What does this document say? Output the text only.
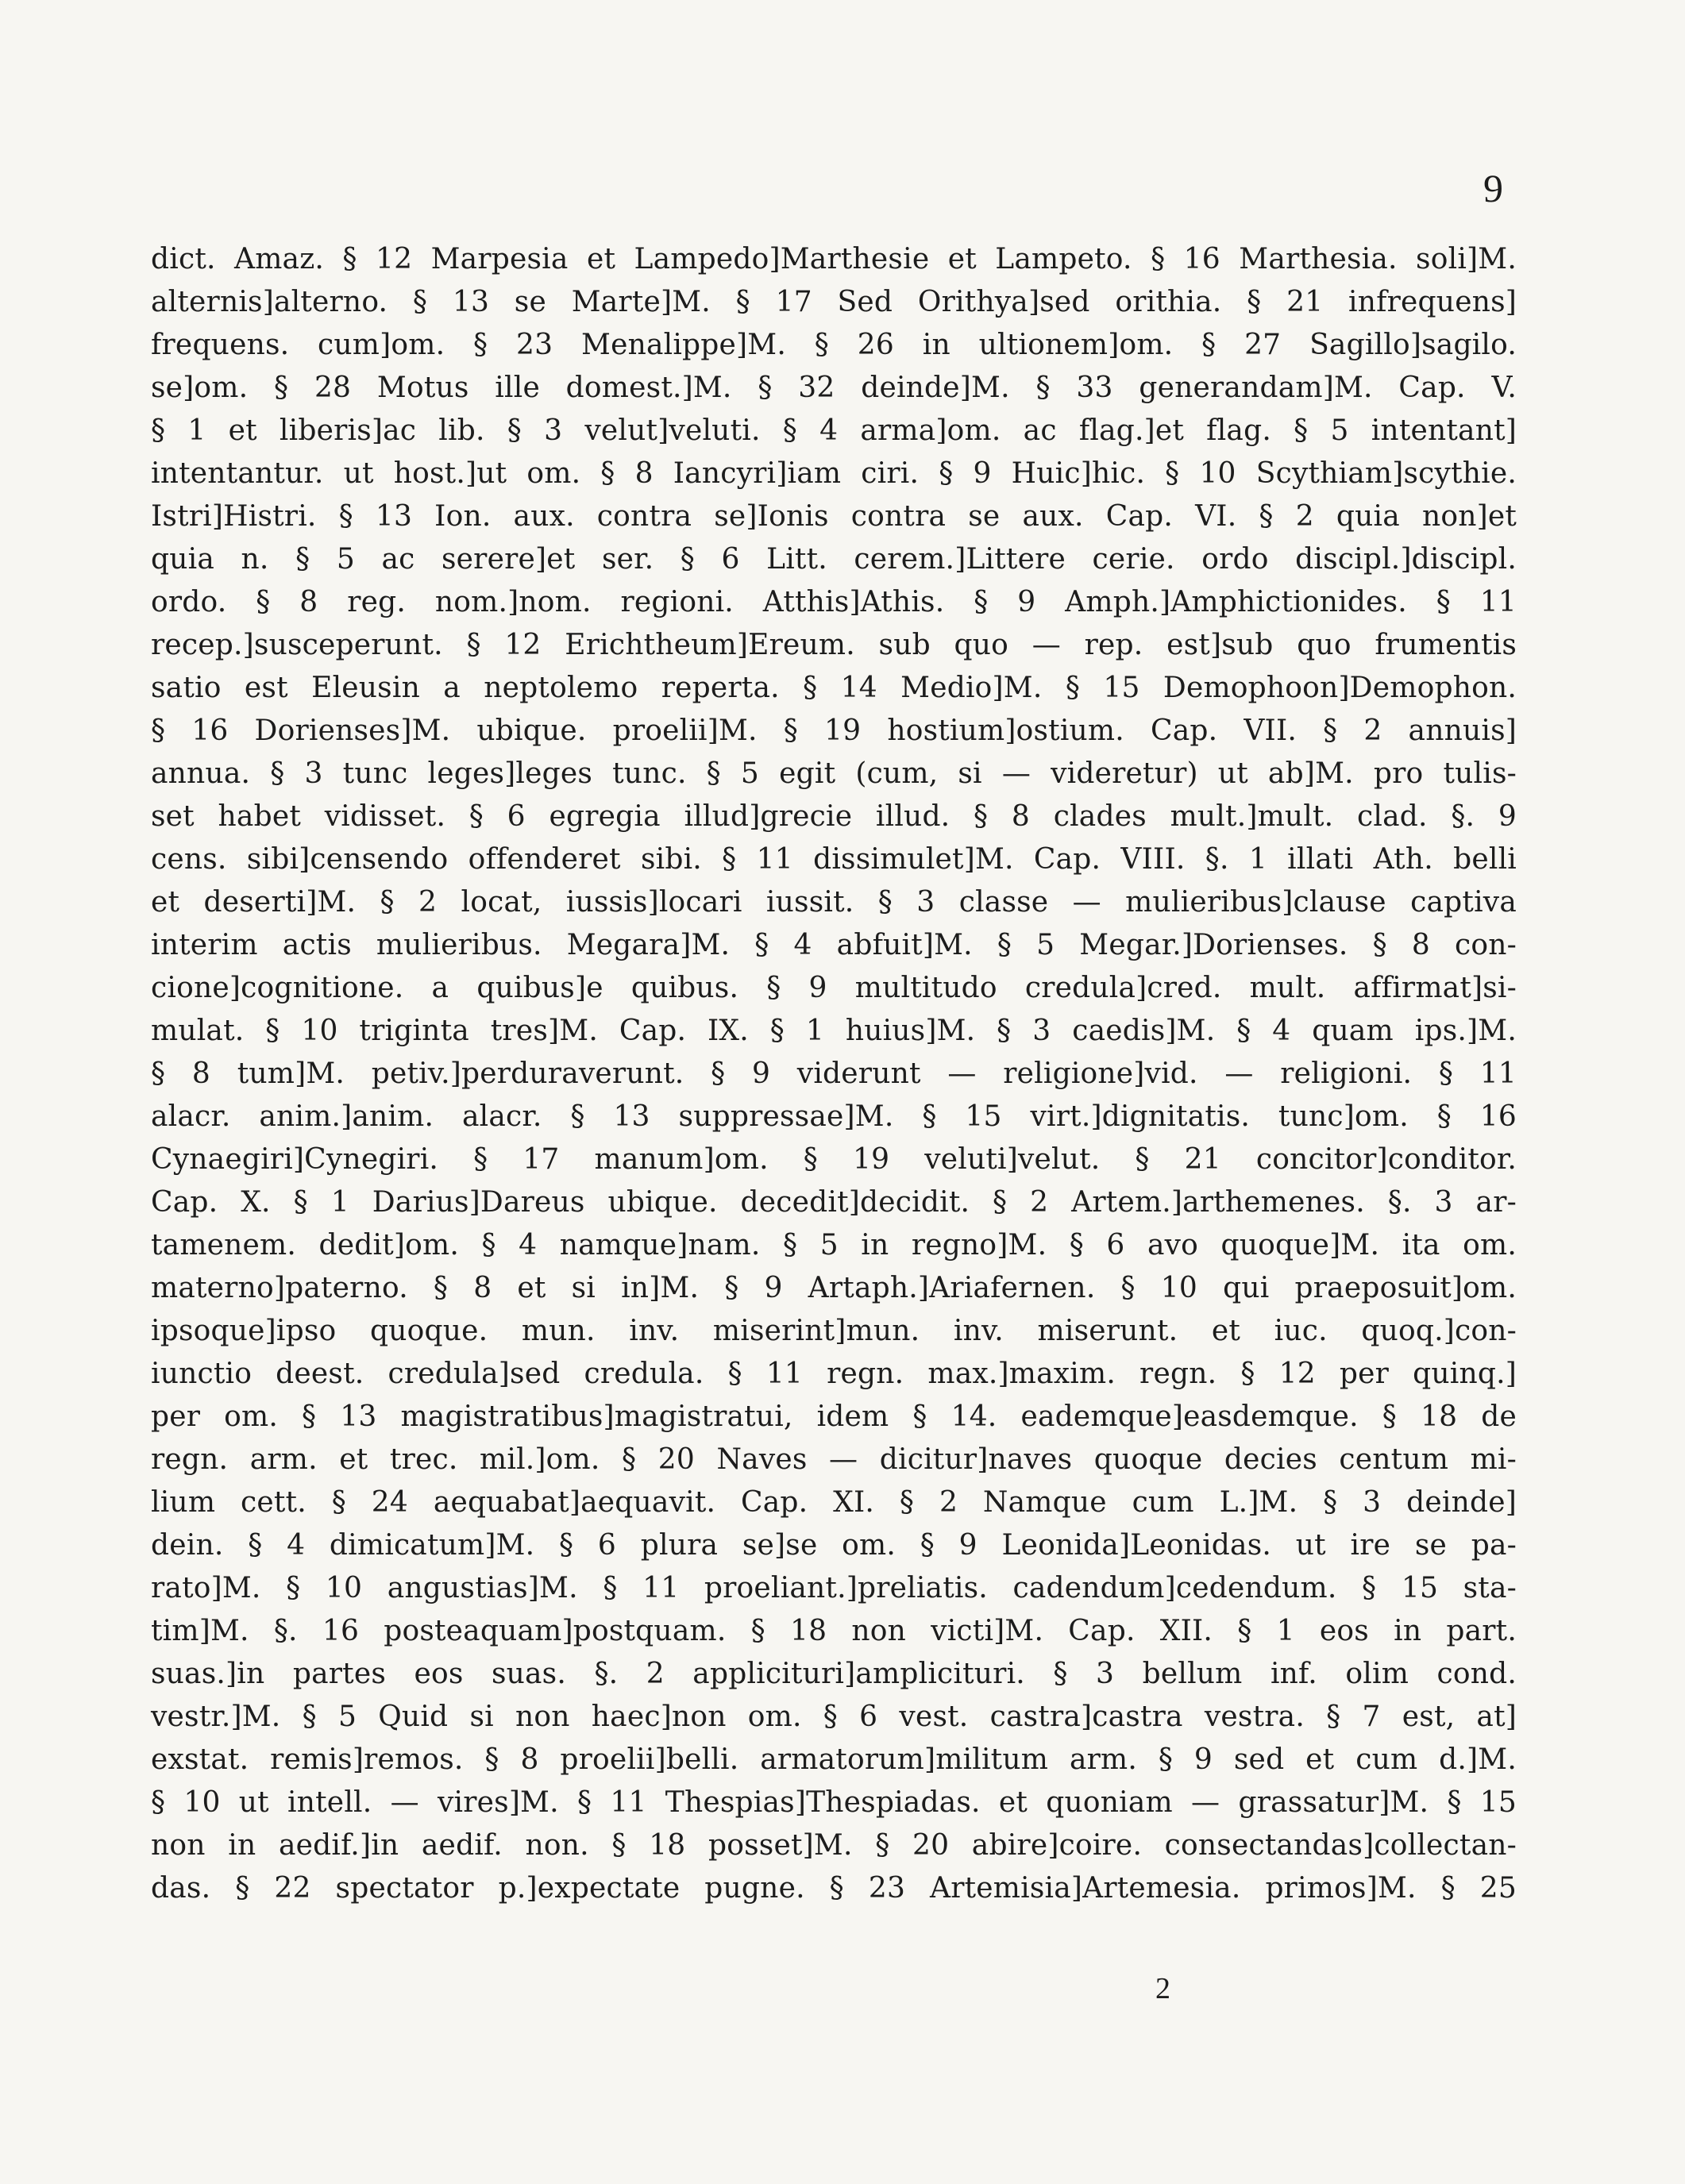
9
dict. Amaz. § 12 Marpesia et Lampedo]Marthesie et Lampeto. § 16 Marthesia. soli]M.
alternis]alterno. § 13 se Marte]M. § 17 Sed Orithya]sed orithia. § 21 infrequens]
frequens. cum]om. § 23 Menalippe]M. § 26 in ultionem]om. § 27 Sagillo]sagilo.
se]om. § 28 Motus ille domest.]M. § 32 deinde]M. § 33 generandam]M. Cap. V.
§ 1 et liberis]ac lib. § 3 velut]veluti. § 4 arma]om. ac flag.]et flag. § 5 intentant]
intentantur. ut host.]ut om. § 8 Iancyri]iam ciri. § 9 Huic]hic. § 10 Scythiam]scythie.
Istri]Histri. § 13 Ion. aux. contra se]Ionis contra se aux. Cap. VI. § 2 quia non]et
quia n. § 5 ac serere]et ser. § 6 Litt. cerem.]Littere cerie. ordo discipl.]discipl.
ordo. § 8 reg. nom.]nom. regioni. Atthis]Athis. § 9 Amph.]Amphictionides. § 11
recep.]susceperunt. § 12 Erichtheum]Ereum. sub quo — rep. est]sub quo frumentis
satio est Eleusin a neptolemo reperta. § 14 Medio]M. § 15 Demophoon]Demophon.
§ 16 Dorienses]M. ubique. proelii]M. § 19 hostium]ostium. Cap. VII. § 2 annuis]
annua. § 3 tunc leges]leges tunc. § 5 egit (cum, si — videretur) ut ab]M. pro tulis-
set habet vidisset. § 6 egregia illud]grecie illud. § 8 clades mult.]mult. clad. §. 9
cens. sibi]censendo offenderet sibi. § 11 dissimulet]M. Cap. VIII. §. 1 illati Ath. belli
et deserti]M. § 2 locat, iussis]locari iussit. § 3 classe — mulieribus]clause captiva
interim actis mulieribus. Megara]M. § 4 abfuit]M. § 5 Megar.]Dorienses. § 8 con-
cione]cognitione. a quibus]e quibus. § 9 multitudo credula]cred. mult. affirmat]si-
mulat. § 10 triginta tres]M. Cap. IX. § 1 huius]M. § 3 caedis]M. § 4 quam ips.]M.
§ 8 tum]M. petiv.]perduraverunt. § 9 viderunt — religione]vid. — religioni. § 11
alacr. anim.]anim. alacr. § 13 suppressae]M. § 15 virt.]dignitatis. tunc]om. § 16
Cynaegiri]Cynegiri. § 17 manum]om. § 19 veluti]velut. § 21 concitor]conditor.
Cap. X. § 1 Darius]Dareus ubique. decedit]decidit. § 2 Artem.]arthemenes. §. 3 ar-
tamenem. dedit]om. § 4 namque]nam. § 5 in regno]M. § 6 avo quoque]M. ita om.
materno]paterno. § 8 et si in]M. § 9 Artaph.]Ariafernen. § 10 qui praeposuit]om.
ipsoque]ipso quoque. mun. inv. miserint]mun. inv. miserunt. et iuc. quoq.]con-
iunctio deest. credula]sed credula. § 11 regn. max.]maxim. regn. § 12 per quinq.]
per om. § 13 magistratibus]magistratui, idem § 14. eademque]easdemque. § 18 de
regn. arm. et trec. mil.]om. § 20 Naves — dicitur]naves quoque decies centum mi-
lium cett. § 24 aequabat]aequavit. Cap. XI. § 2 Namque cum L.]M. § 3 deinde]
dein. § 4 dimicatum]M. § 6 plura se]se om. § 9 Leonida]Leonidas. ut ire se pa-
rato]M. § 10 angustias]M. § 11 proeliant.]preliatis. cadendum]cedendum. § 15 sta-
tim]M. §. 16 posteaquam]postquam. § 18 non victi]M. Cap. XII. § 1 eos in part.
suas.]in partes eos suas. §. 2 applicituri]ampliciturі. § 3 bellum inf. olim cond.
vestr.]M. § 5 Quid si non haec]non om. § 6 vest. castra]castra vestra. § 7 est, at]
exstat. remis]remos. § 8 proelii]belli. armatorum]militum arm. § 9 sed et cum d.]M.
§ 10 ut intell. — vires]M. § 11 Thespias]Thespiadas. et quoniam — grassatur]M. § 15
non in aedif.]in aedif. non. § 18 posset]M. § 20 abire]coire. consectandas]collectan-
das. § 22 spectator p.]expectate pugne. § 23 Artemisia]Artemesia. primos]M. § 25
2
